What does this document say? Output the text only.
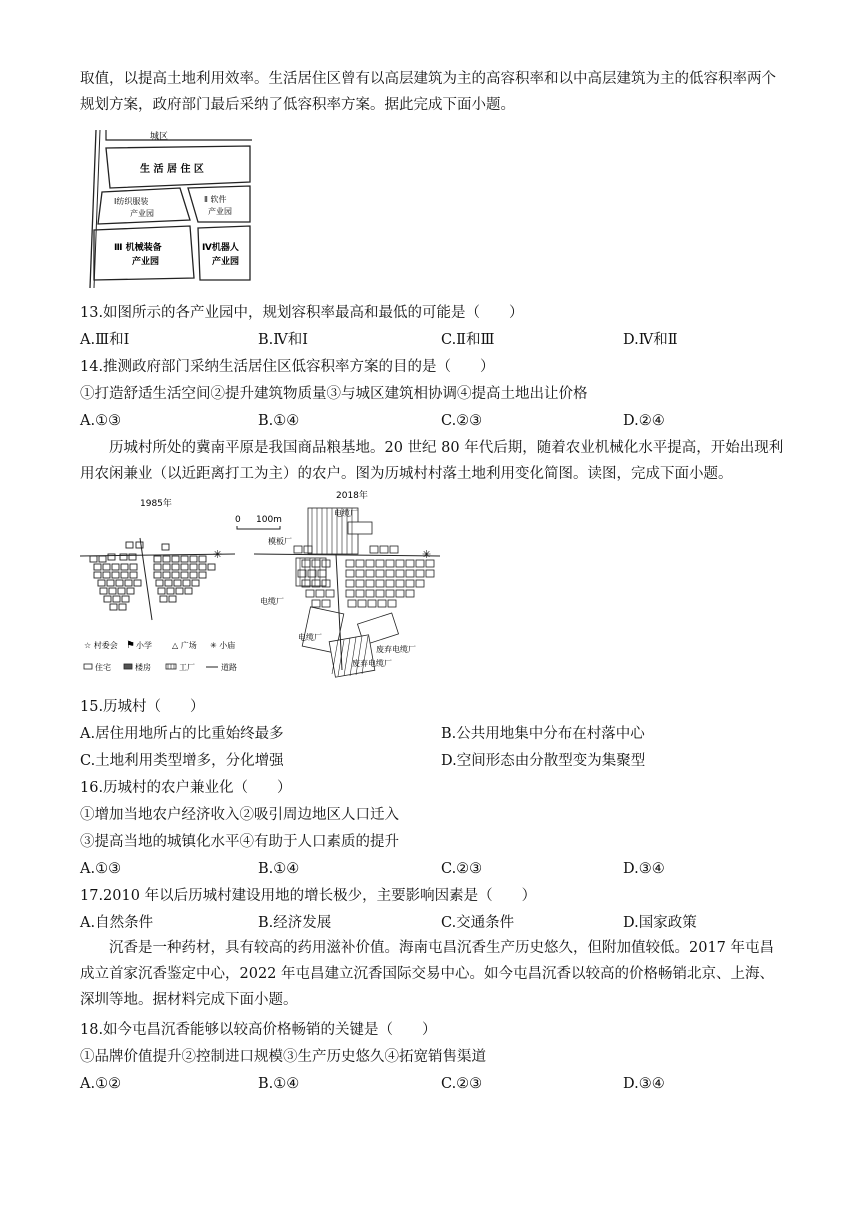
取值，以提高土地利用效率。生活居住区曾有以高层建筑为主的高容积率和以中高层建筑为主的低容积率两个规划方案，政府部门最后采纳了低容积率方案。据此完成下面小题。
城区
生 活 居 住 区
Ⅰ纺织服装
产业园
Ⅱ 软件
产业园
Ⅲ 机械装备
产业园
Ⅳ机器人
产业园
13.如图所示的各产业园中，规划容积率最高和最低的可能是（　　）
A.Ⅲ和Ⅰ	B.Ⅳ和Ⅰ	C.Ⅱ和Ⅲ	D.Ⅳ和Ⅱ
14.推测政府部门采纳生活居住区低容积率方案的目的是（　　）
①打造舒适生活空间②提升建筑物质量③与城区建筑相协调④提高土地出让价格
A.①③	B.①④	C.②③	D.②④
历城村所处的冀南平原是我国商品粮基地。20 世纪 80 年代后期，随着农业机械化水平提高，开始出现利用农闲兼业（以近距离打工为主）的农户。图为历城村村落土地利用变化简图。读图，完成下面小题。
1985年
✳
0 100m
2018年
✳
电缆厂
模板厂
电缆厂
电缆厂
废弃电缆厂
废弃电缆厂
☆ 村委会 ⚑ 小学	△ 广场 ✳ 小庙
住宅	楼房	工厂	道路
15.历城村（　　）
A.居住用地所占的比重始终最多	B.公共用地集中分布在村落中心
C.土地利用类型增多，分化增强	D.空间形态由分散型变为集聚型
16.历城村的农户兼业化（　　）
①增加当地农户经济收入②吸引周边地区人口迁入
③提高当地的城镇化水平④有助于人口素质的提升
A.①③	B.①④	C.②③	D.③④
17.2010 年以后历城村建设用地的增长极少，主要影响因素是（　　）
A.自然条件	B.经济发展	C.交通条件	D.国家政策
沉香是一种药材，具有较高的药用滋补价值。海南屯昌沉香生产历史悠久，但附加值较低。2017 年屯昌成立首家沉香鉴定中心，2022 年屯昌建立沉香国际交易中心。如今屯昌沉香以较高的价格畅销北京、上海、深圳等地。据材料完成下面小题。
18.如今屯昌沉香能够以较高价格畅销的关键是（　　）
①品牌价值提升②控制进口规模③生产历史悠久④拓宽销售渠道
A.①②	B.①④	C.②③	D.③④
